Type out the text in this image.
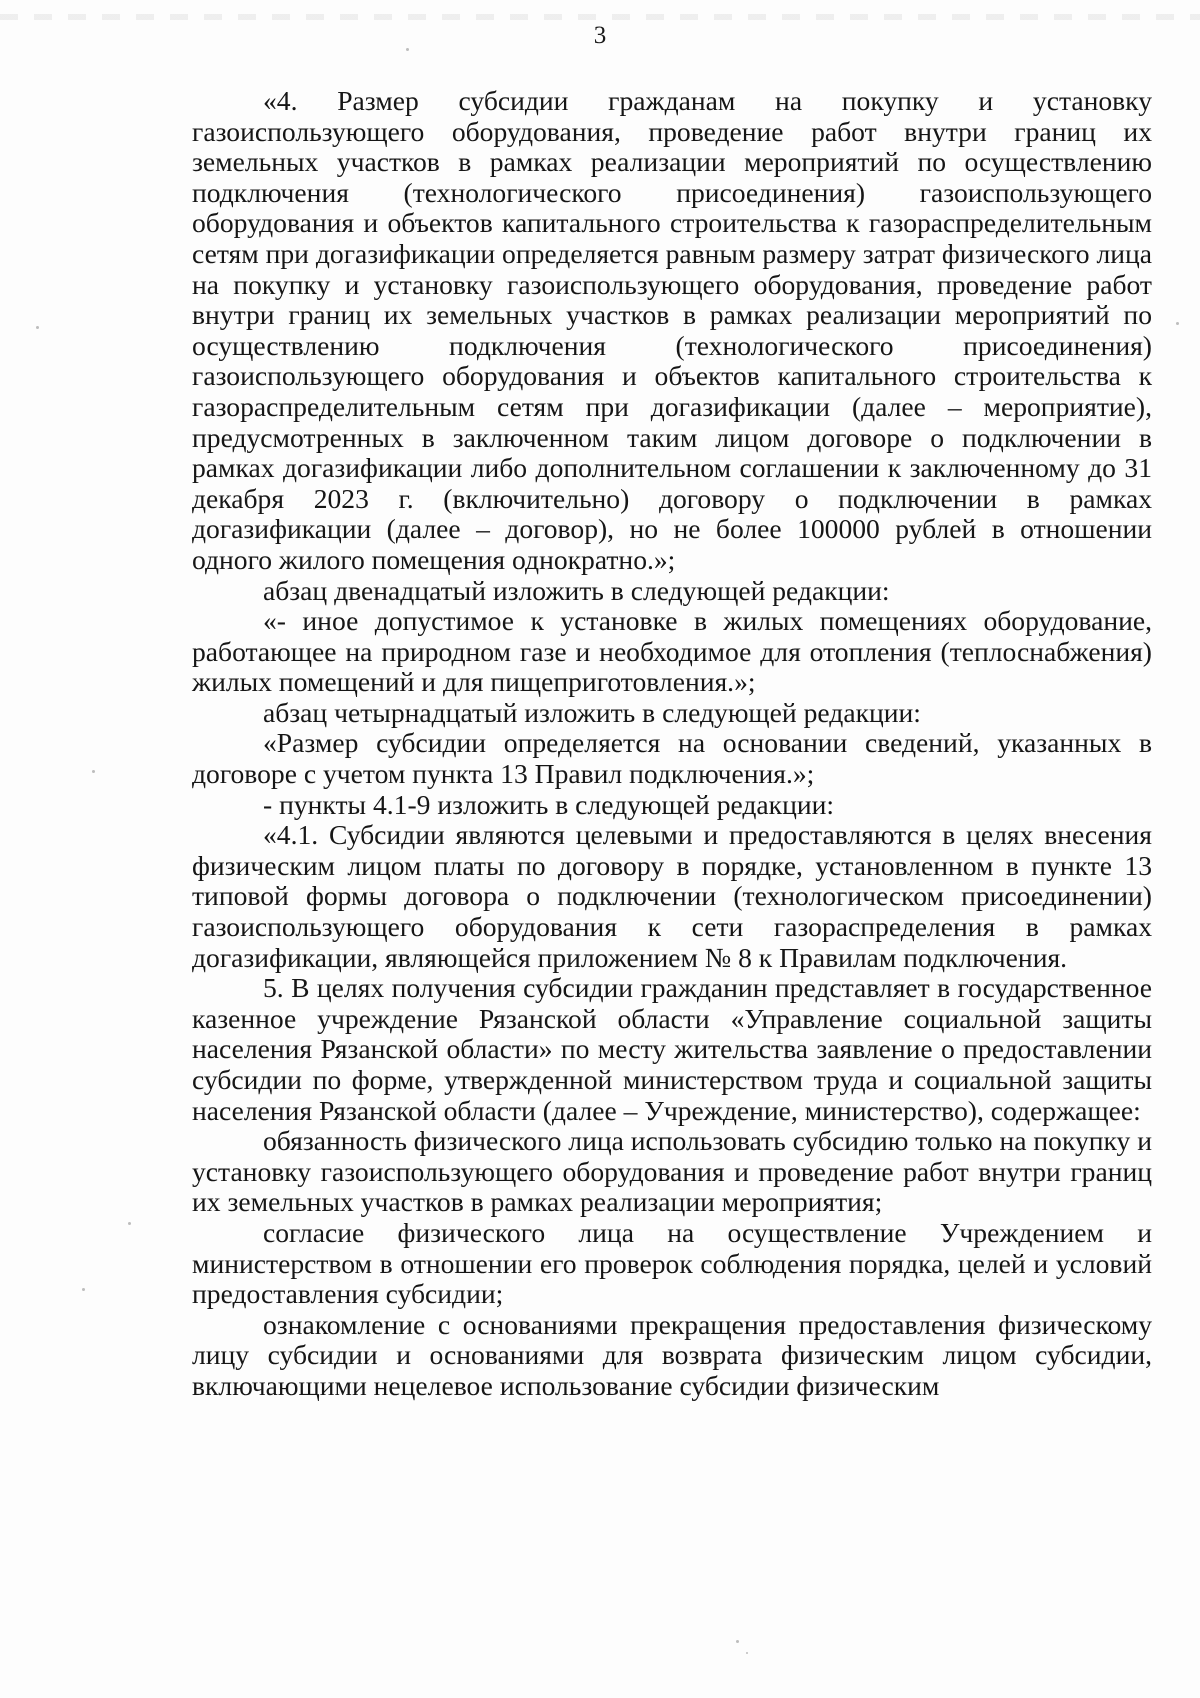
3

«4. Размер субсидии гражданам на покупку и установку газоиспользующего оборудования, проведение работ внутри границ их земельных участков в рамках реализации мероприятий по осуществлению подключения (технологического присоединения) газоиспользующего оборудования и объектов капитального строительства к газораспределительным сетям при догазификации определяется равным размеру затрат физического лица на покупку и установку газоиспользующего оборудования, проведение работ внутри границ их земельных участков в рамках реализации мероприятий по осуществлению подключения (технологического присоединения) газоиспользующего оборудования и объектов капитального строительства к газораспределительным сетям при догазификации (далее – мероприятие), предусмотренных в заключенном таким лицом договоре о подключении в рамках догазификации либо дополнительном соглашении к заключенному до 31 декабря 2023 г. (включительно) договору о подключении в рамках догазификации (далее – договор), но не более 100000 рублей в отношении одного жилого помещения однократно.»;

абзац двенадцатый изложить в следующей редакции:

«- иное допустимое к установке в жилых помещениях оборудование, работающее на природном газе и необходимое для отопления (теплоснабжения) жилых помещений и для пищеприготовления.»;

абзац четырнадцатый изложить в следующей редакции:

«Размер субсидии определяется на основании сведений, указанных в договоре с учетом пункта 13 Правил подключения.»;

- пункты 4.1-9 изложить в следующей редакции:

«4.1. Субсидии являются целевыми и предоставляются в целях внесения физическим лицом платы по договору в порядке, установленном в пункте 13 типовой формы договора о подключении (технологическом присоединении) газоиспользующего оборудования к сети газораспределения в рамках догазификации, являющейся приложением № 8 к Правилам подключения.

5. В целях получения субсидии гражданин представляет в государственное казенное учреждение Рязанской области «Управление социальной защиты населения Рязанской области» по месту жительства заявление о предоставлении субсидии по форме, утвержденной министерством труда и социальной защиты населения Рязанской области (далее – Учреждение, министерство), содержащее:

обязанность физического лица использовать субсидию только на покупку и установку газоиспользующего оборудования и проведение работ внутри границ их земельных участков в рамках реализации мероприятия;

согласие физического лица на осуществление Учреждением и министерством в отношении его проверок соблюдения порядка, целей и условий предоставления субсидии;

ознакомление с основаниями прекращения предоставления физическому лицу субсидии и основаниями для возврата физическим лицом субсидии, включающими нецелевое использование субсидии физическим
